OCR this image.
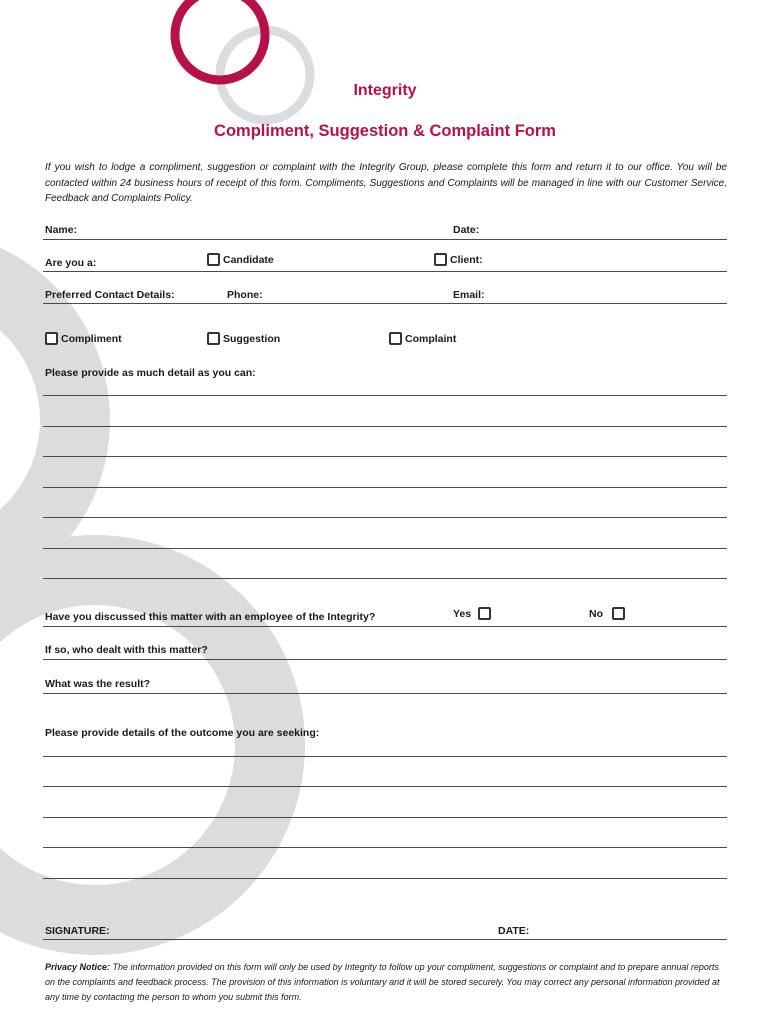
Integrity
Compliment, Suggestion & Complaint Form
If you wish to lodge a compliment, suggestion or complaint with the Integrity Group, please complete this form and return it to our office. You will be contacted within 24 business hours of receipt of this form. Compliments, Suggestions and Complaints will be managed in line with our Customer Service, Feedback and Complaints Policy.
Name:	Date:
Are you a:	Candidate	Client:
Preferred Contact Details:	Phone:	Email:
Compliment	Suggestion	Complaint
Please provide as much detail as you can:
Have you discussed this matter with an employee of the Integrity?	Yes	No
If so, who dealt with this matter?
What was the result?
Please provide details of the outcome you are seeking:
SIGNATURE:	DATE:
Privacy Notice: The information provided on this form will only be used by Integrity to follow up your compliment, suggestions or complaint and to prepare annual reports on the complaints and feedback process. The provision of this information is voluntary and it will be stored securely. You may correct any personal information provided at any time by contacting the person to whom you submit this form.
